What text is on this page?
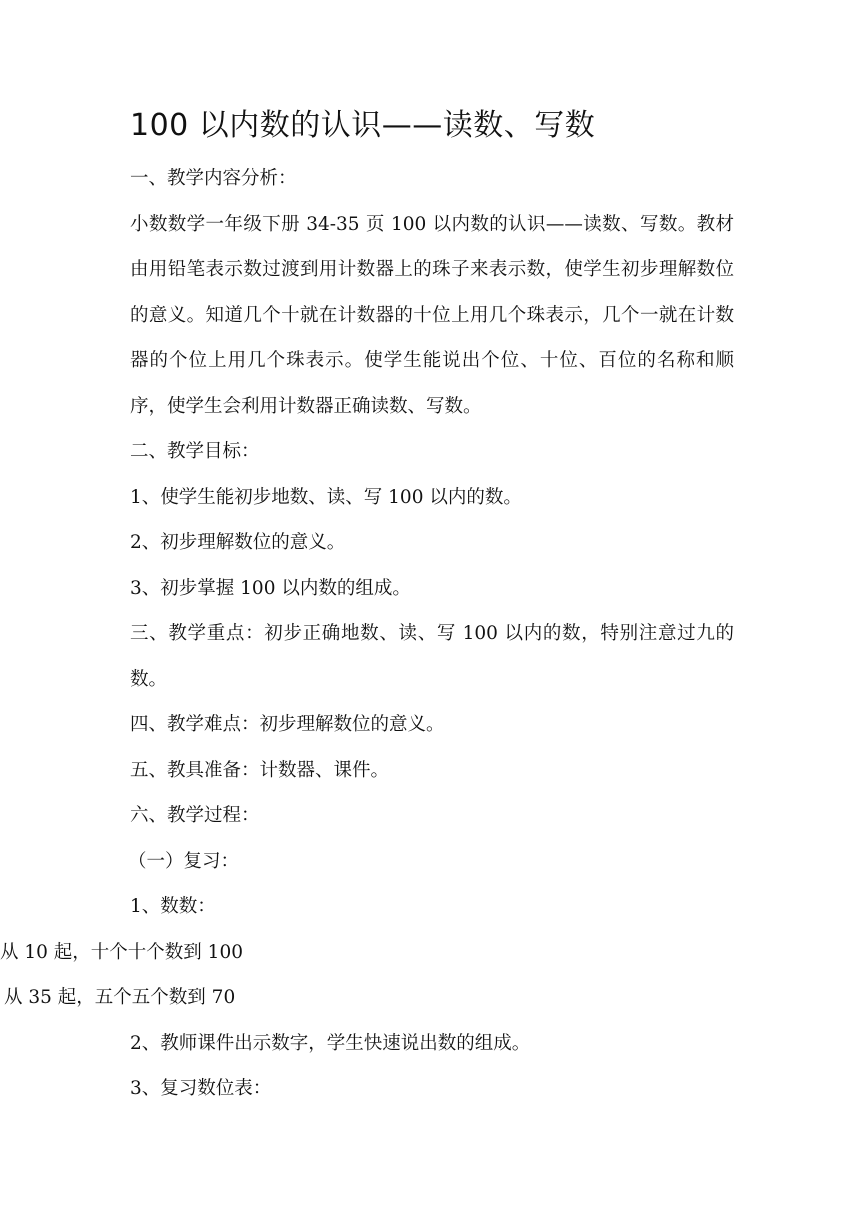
100 以内数的认识——读数、写数

一、教学内容分析：

小数数学一年级下册 34-35 页 100 以内数的认识——读数、写数。教材由用铅笔表示数过渡到用计数器上的珠子来表示数，使学生初步理解数位的意义。知道几个十就在计数器的十位上用几个珠表示，几个一就在计数器的个位上用几个珠表示。使学生能说出个位、十位、百位的名称和顺序，使学生会利用计数器正确读数、写数。

二、教学目标：

1、使学生能初步地数、读、写 100 以内的数。

2、初步理解数位的意义。

3、初步掌握 100 以内数的组成。

三、教学重点：初步正确地数、读、写 100 以内的数，特别注意过九的数。

四、教学难点：初步理解数位的意义。

五、教具准备：计数器、课件。

六、教学过程：

（一）复习：

1、数数：

从 10 起，十个十个数到 100

从 35 起，五个五个数到 70

2、教师课件出示数字，学生快速说出数的组成。

3、复习数位表：
